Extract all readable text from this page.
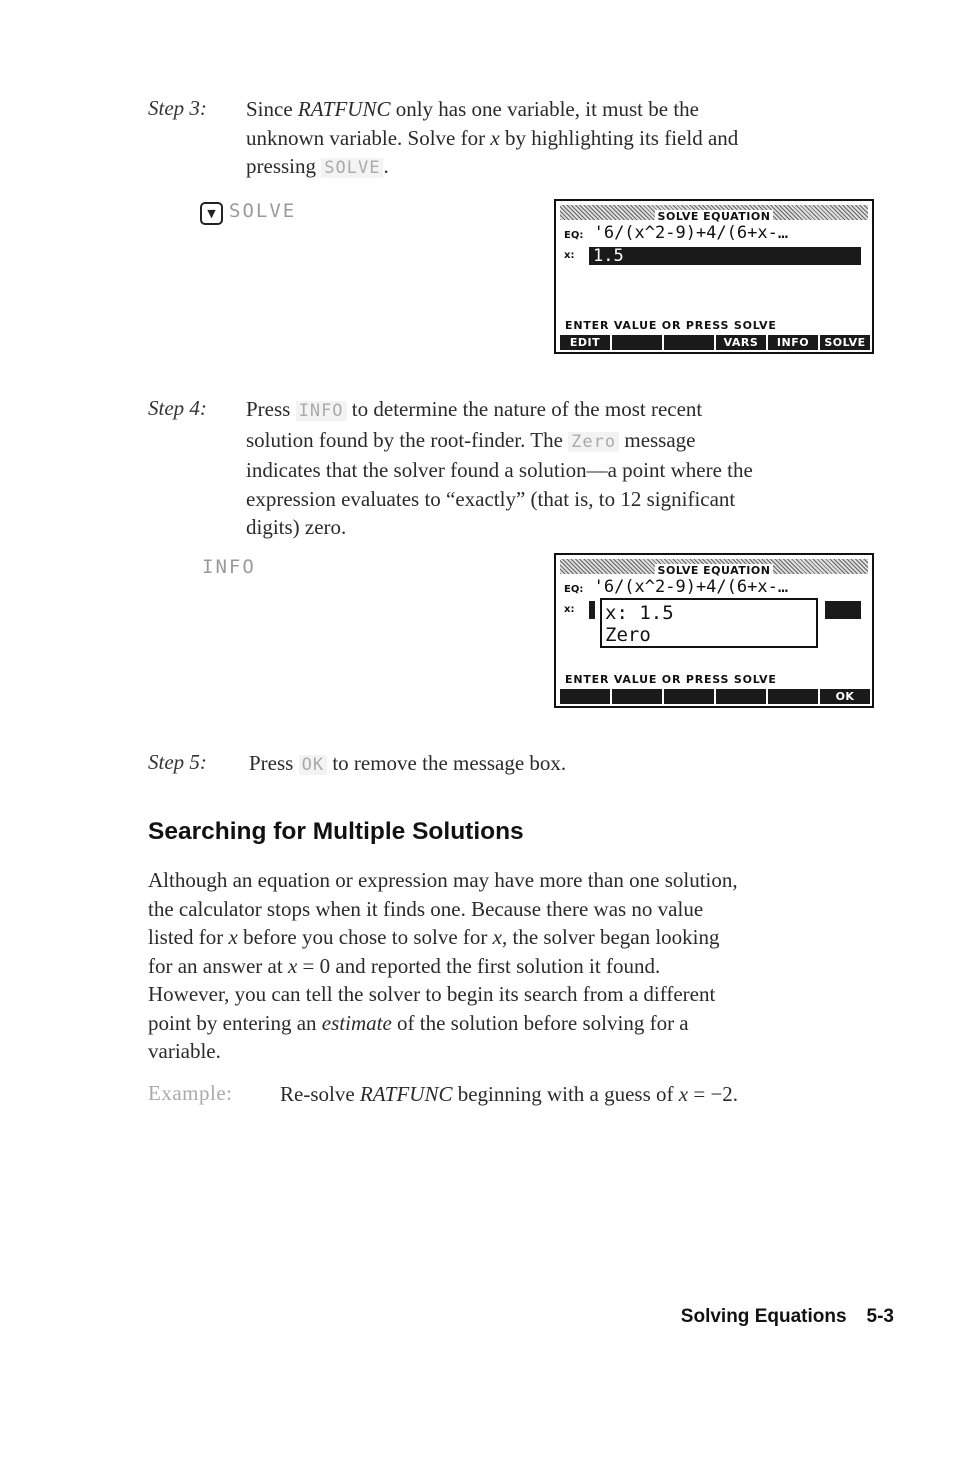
Step 3: Since RATFUNC only has one variable, it must be the
unknown variable. Solve for x by highlighting its field and
pressing SOLVE .
▼ SOLVE	SOLVE EQUATION
EQ: '6/(x^2-9)+4/(6+x-…
x: 1.5
ENTER VALUE OR PRESS SOLVE
EDIT	VARS	INFO	SOLVE
Step 4: Press INFO to determine the nature of the most recent
solution found by the root-finder. The Zero message
indicates that the solver found a solution—a point where the
expression evaluates to “exactly” (that is, to 12 significant
digits) zero.
INFO	SOLVE EQUATION
EQ: '6/(x^2-9)+4/(6+x-…
x: x: 1.5
Zero
ENTER VALUE OR PRESS SOLVE
OK
Step 5: Press OK to remove the message box.
Searching for Multiple Solutions
Although an equation or expression may have more than one solution,
the calculator stops when it finds one. Because there was no value
listed for x before you chose to solve for x, the solver began looking
for an answer at x = 0 and reported the first solution it found.
However, you can tell the solver to begin its search from a different
point by entering an estimate of the solution before solving for a
variable.
Example: Re-solve RATFUNC beginning with a guess of x = −2.
Solving Equations 5-3
